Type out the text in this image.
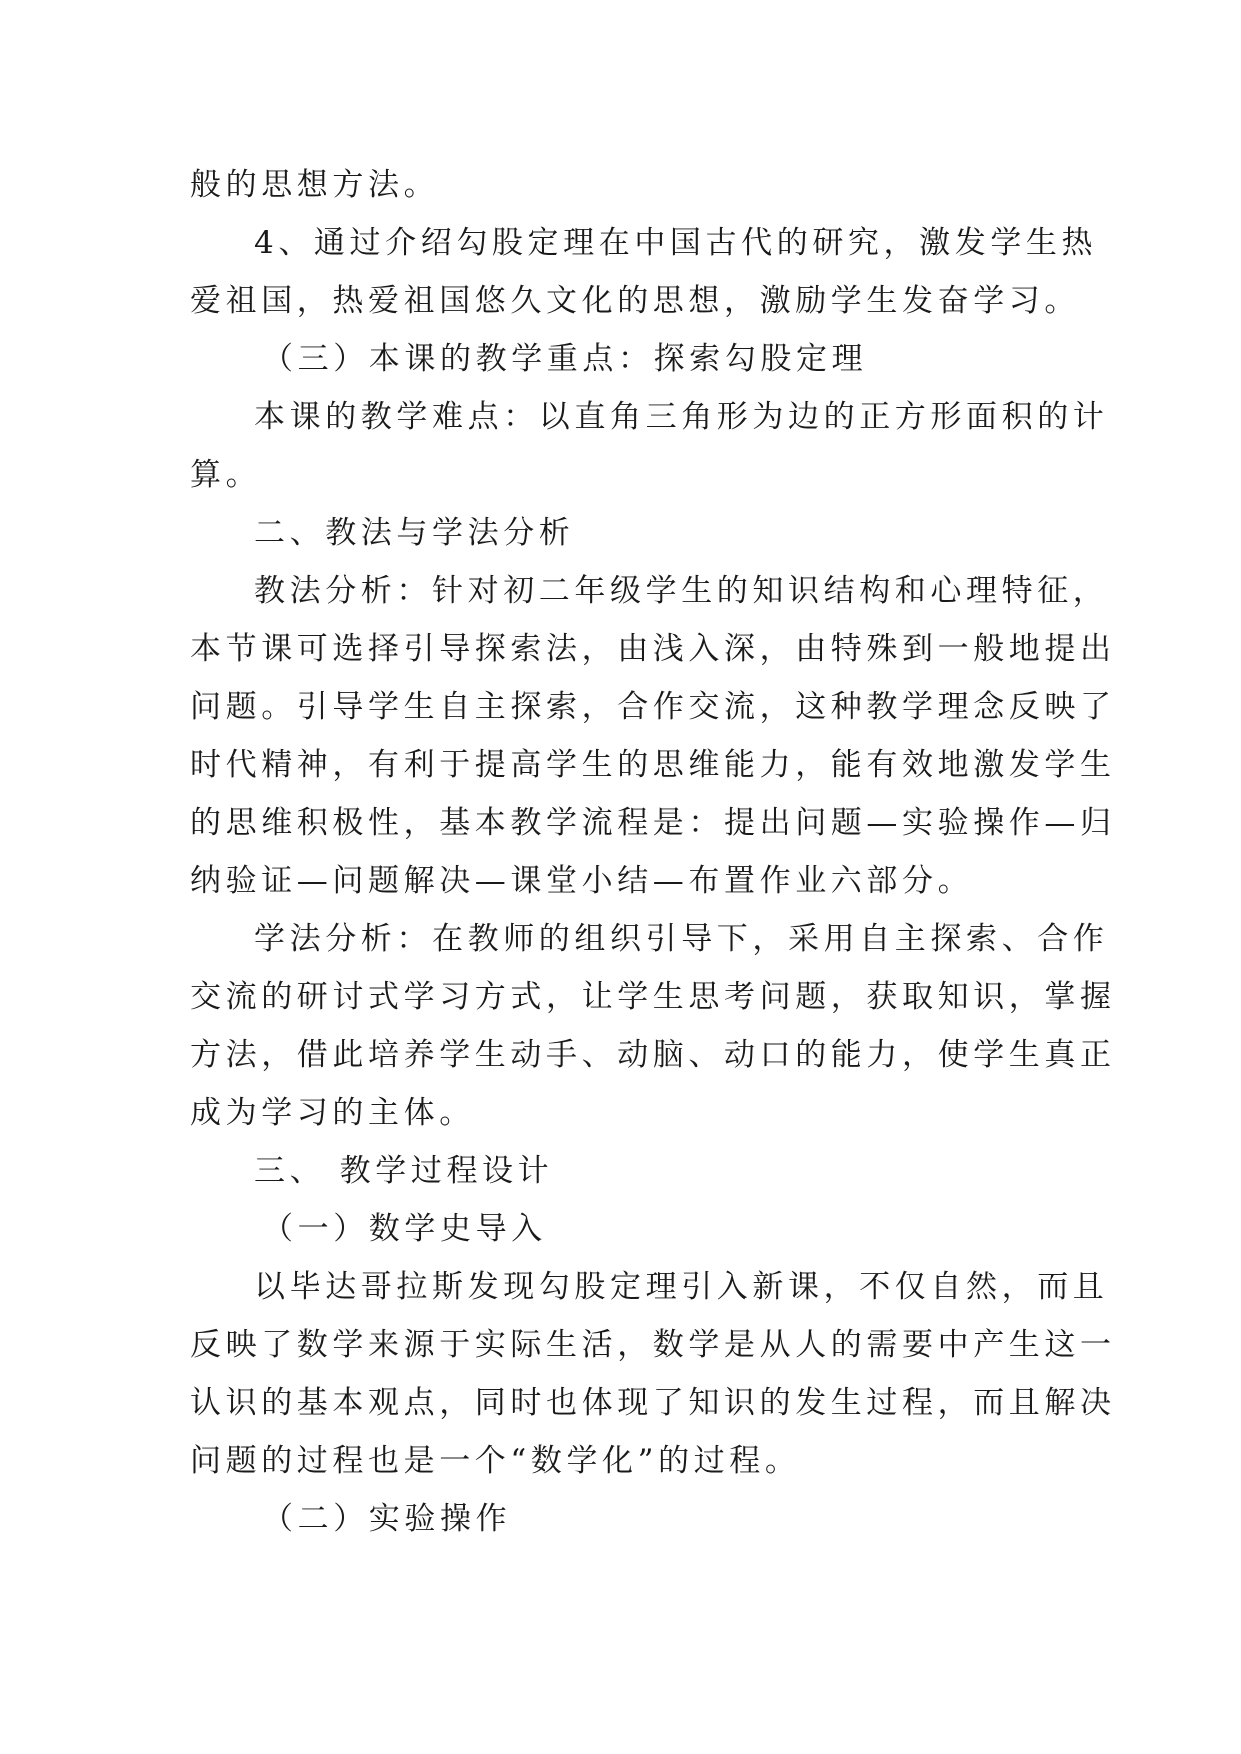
般的思想方法。
4、通过介绍勾股定理在中国古代的研究，激发学生热
爱祖国，热爱祖国悠久文化的思想，激励学生发奋学习。
（三）本课的教学重点：探索勾股定理
本课的教学难点：以直角三角形为边的正方形面积的计
算。
二、教法与学法分析
教法分析：针对初二年级学生的知识结构和心理特征，
本节课可选择引导探索法，由浅入深，由特殊到一般地提出
问题。引导学生自主探索，合作交流，这种教学理念反映了
时代精神，有利于提高学生的思维能力，能有效地激发学生
的思维积极性，基本教学流程是：提出问题—实验操作—归
纳验证—问题解决—课堂小结—布置作业六部分。
学法分析：在教师的组织引导下，采用自主探索、合作
交流的研讨式学习方式，让学生思考问题，获取知识，掌握
方法，借此培养学生动手、动脑、动口的能力，使学生真正
成为学习的主体。
三、 教学过程设计
（一）数学史导入
以毕达哥拉斯发现勾股定理引入新课，不仅自然，而且
反映了数学来源于实际生活，数学是从人的需要中产生这一
认识的基本观点，同时也体现了知识的发生过程，而且解决
问题的过程也是一个“数学化”的过程。
（二）实验操作
